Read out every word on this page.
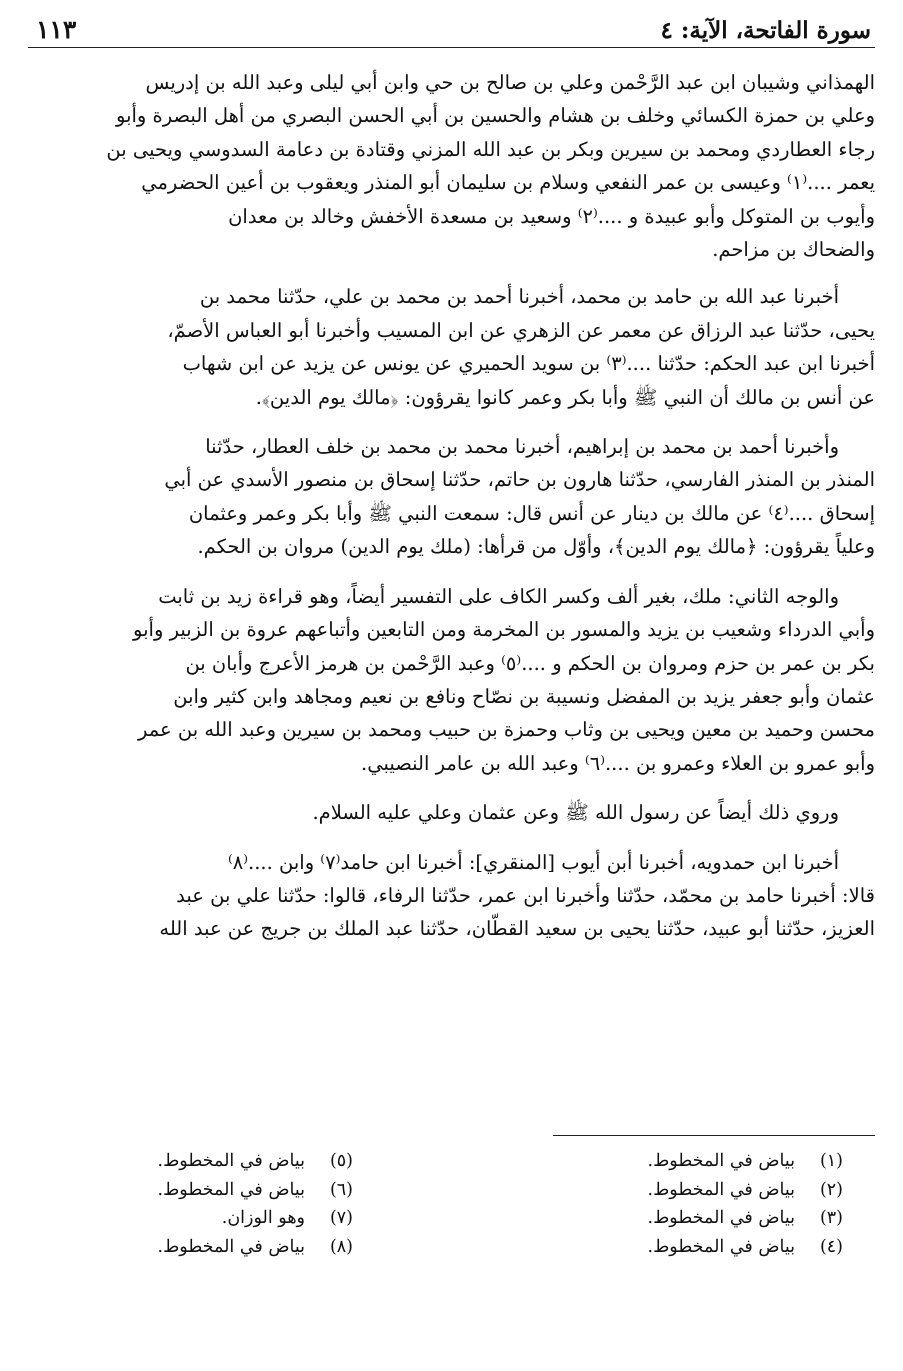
سورة الفاتحة، الآية: ٤
١١٣

الهمذاني وشيبان ابن عبد الرَّحْمن وعلي بن صالح بن حي وابن أبي ليلى وعبد الله بن إدريس
وعلي بن حمزة الكسائي وخلف بن هشام والحسين بن أبي الحسن البصري من أهل البصرة وأبو
رجاء العطاردي ومحمد بن سيرين وبكر بن عبد الله المزني وقتادة بن دعامة السدوسي ويحيى بن
يعمر ....⁽١⁾ وعيسى بن عمر النفعي وسلام بن سليمان أبو المنذر ويعقوب بن أعين الحضرمي
وأيوب بن المتوكل وأبو عبيدة و ....⁽٢⁾ وسعيد بن مسعدة الأخفش وخالد بن معدان
والضحاك بن مزاحم.

أخبرنا عبد الله بن حامد بن محمد، أخبرنا أحمد بن محمد بن علي، حدّثنا محمد بن
يحيى، حدّثنا عبد الرزاق عن معمر عن الزهري عن ابن المسيب وأخبرنا أبو العباس الأصمّ،
أخبرنا ابن عبد الحكم: حدّثنا ....⁽٣⁾ بن سويد الحميري عن يونس عن يزيد عن ابن شهاب
عن أنس بن مالك أن النبي ﷺ وأبا بكر وعمر كانوا يقرؤون: ﴿مالك يوم الدين﴾.

وأخبرنا أحمد بن محمد بن إبراهيم، أخبرنا محمد بن محمد بن خلف العطار، حدّثنا
المنذر بن المنذر الفارسي، حدّثنا هارون بن حاتم، حدّثنا إسحاق بن منصور الأسدي عن أبي
إسحاق ....⁽٤⁾ عن مالك بن دينار عن أنس قال: سمعت النبي ﷺ وأبا بكر وعمر وعثمان
وعلياً يقرؤون: ﴿مالك يوم الدين﴾، وأوّل من قرأها: (ملك يوم الدين) مروان بن الحكم.

والوجه الثاني: ملك، بغير ألف وكسر الكاف على التفسير أيضاً، وهو قراءة زيد بن ثابت
وأبي الدرداء وشعيب بن يزيد والمسور بن المخرمة ومن التابعين وأتباعهم عروة بن الزبير وأبو
بكر بن عمر بن حزم ومروان بن الحكم و ....⁽٥⁾ وعبد الرَّحْمن بن هرمز الأعرج وأبان بن
عثمان وأبو جعفر يزيد بن المفضل ونسيبة بن نصّاح ونافع بن نعيم ومجاهد وابن كثير وابن
محسن وحميد بن معين ويحيى بن وثاب وحمزة بن حبيب ومحمد بن سيرين وعبد الله بن عمر
وأبو عمرو بن العلاء وعمرو بن ....⁽٦⁾ وعبد الله بن عامر النصيبي.

وروي ذلك أيضاً عن رسول الله ﷺ وعن عثمان وعلي عليه السلام.

أخبرنا ابن حمدويه، أخبرنا أبن أيوب [المنقري]: أخبرنا ابن حامد⁽٧⁾ وابن ....⁽٨⁾
قالا: أخبرنا حامد بن محمّد، حدّثنا وأخبرنا ابن عمر، حدّثنا الرفاء، قالوا: حدّثنا علي بن عبد
العزيز، حدّثنا أبو عبيد، حدّثنا يحيى بن سعيد القطّان، حدّثنا عبد الملك بن جريج عن عبد الله

(١)
بياض في المخطوط.
(٢)
بياض في المخطوط.
(٣)
بياض في المخطوط.
(٤)
بياض في المخطوط.
(٥)
بياض في المخطوط.
(٦)
بياض في المخطوط.
(٧)
وهو الوزان.
(٨)
بياض في المخطوط.
